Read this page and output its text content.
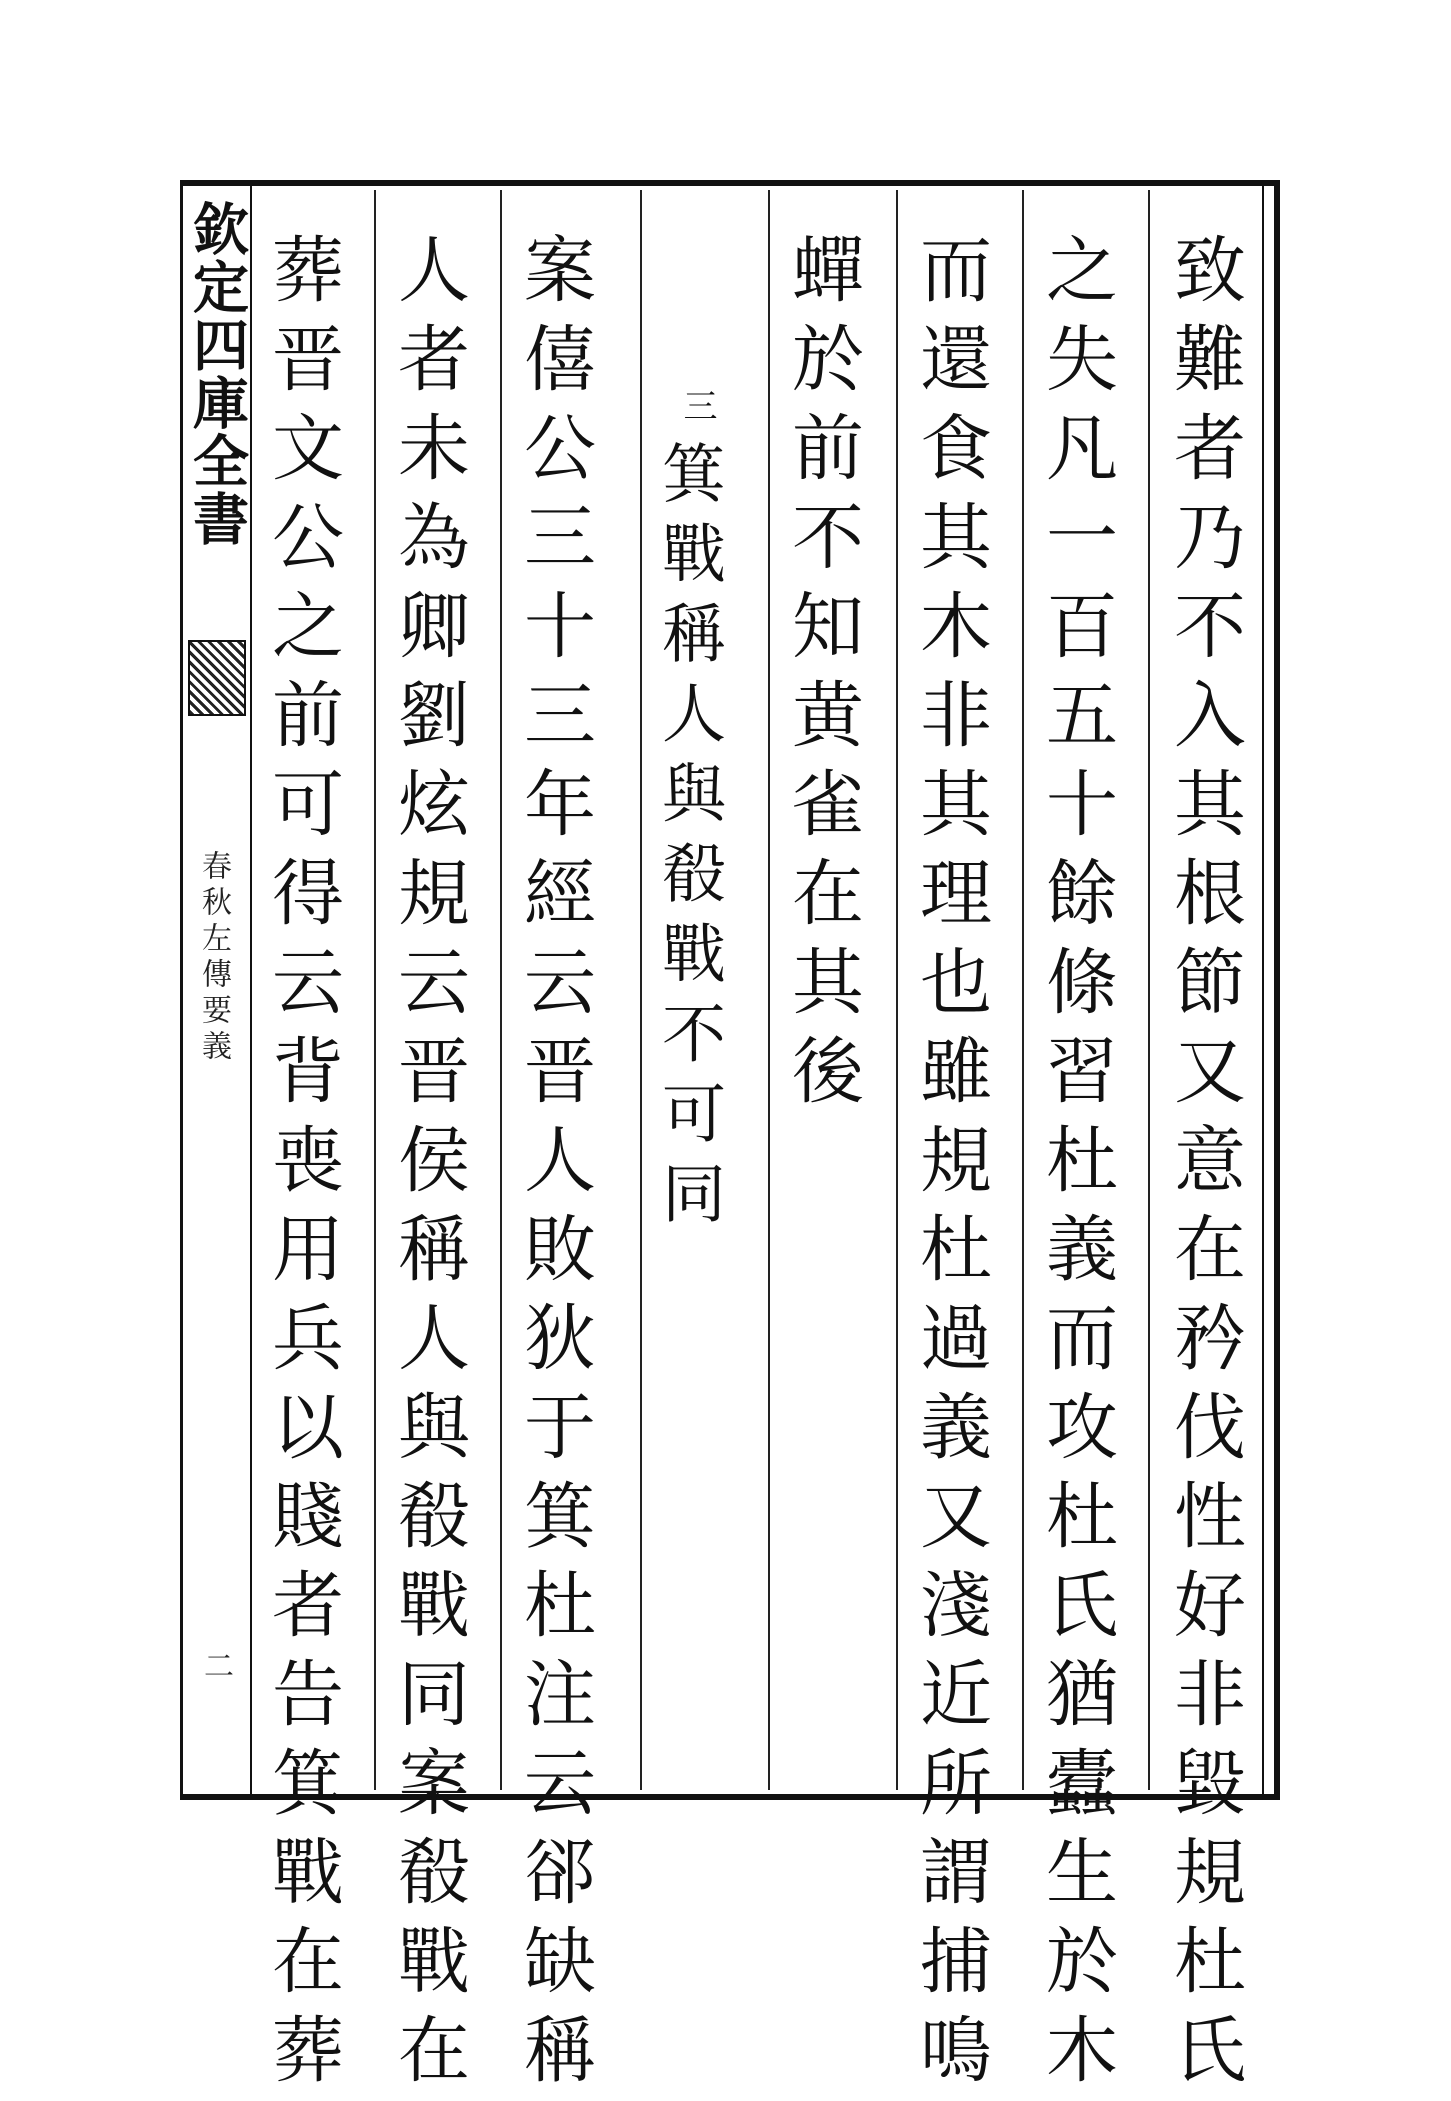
欽定四庫全書
春秋左傳要義
二	致難者乃不入其根節又意在矜伐性好非毀規杜氏
之失凡一百五十餘條習杜義而攻杜氏猶蠹生於木
而還食其木非其理也雖規杜過義又淺近所謂捕鳴
蟬於前不知黄雀在其後
三
箕戰稱人與殽戰不可同
案僖公三十三年經云晋人敗狄于箕杜注云郤缺稱
人者未為卿劉炫規云晋侯稱人與殽戰同案殽戰在
葬晋文公之前可得云背喪用兵以賤者告箕戰在葬
